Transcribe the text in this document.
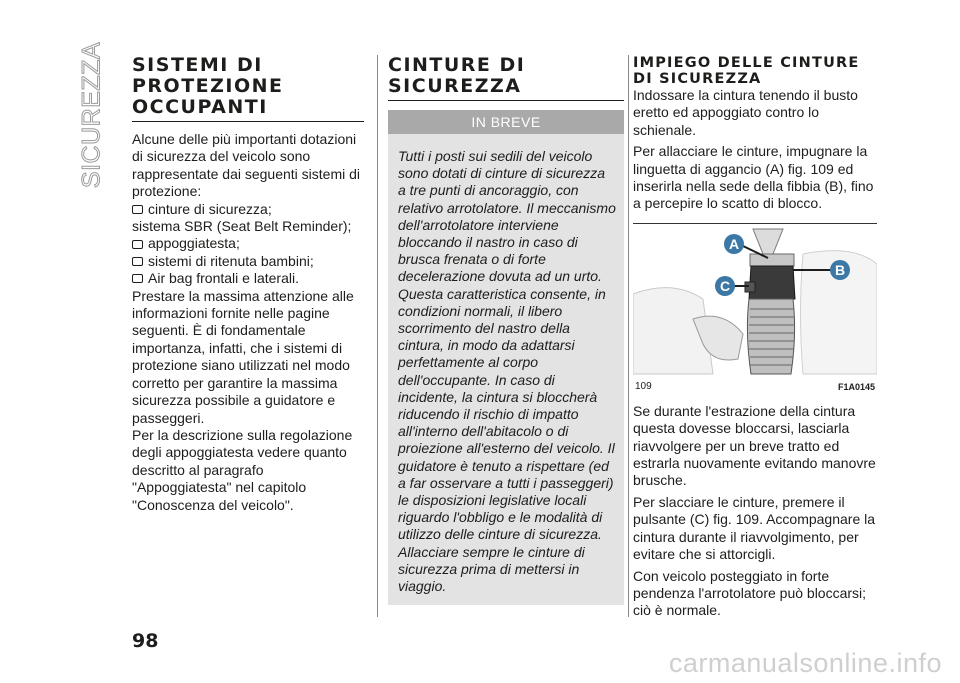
SICUREZZA SISTEMI DI
PROTEZIONE
OCCUPANTI

Alcune delle più importanti dotazioni di sicurezza del veicolo sono rappresentate dai seguenti sistemi di protezione:

cinture di sicurezza;
sistema SBR (Seat Belt Reminder);
appoggiatesta;
sistemi di ritenuta bambini;
Air bag frontali e laterali.

Prestare la massima attenzione alle informazioni fornite nelle pagine seguenti. È di fondamentale importanza, infatti, che i sistemi di protezione siano utilizzati nel modo corretto per garantire la massima sicurezza possibile a guidatore e passeggeri.

Per la descrizione sulla regolazione degli appoggiatesta vedere quanto descritto al paragrafo "Appoggiatesta" nel capitolo "Conoscenza del veicolo".

CINTURE DI
SICUREZZA
IN BREVE

Tutti i posti sui sedili del veicolo sono dotati di cinture di sicurezza a tre punti di ancoraggio, con relativo arrotolatore. Il meccanismo dell'arrotolatore interviene bloccando il nastro in caso di brusca frenata o di forte decelerazione dovuta ad un urto. Questa caratteristica consente, in condizioni normali, il libero scorrimento del nastro della cintura, in modo da adattarsi perfettamente al corpo dell'occupante. In caso di incidente, la cintura si bloccherà riducendo il rischio di impatto all'interno dell'abitacolo o di proiezione all'esterno del veicolo. Il guidatore è tenuto a rispettare (ed a far osservare a tutti i passeggeri) le disposizioni legislative locali riguardo l'obbligo e le modalità di utilizzo delle cinture di sicurezza. Allacciare sempre le cinture di sicurezza prima di mettersi in viaggio.

IMPIEGO DELLE CINTURE
DI SICUREZZA

Indossare la cintura tenendo il busto eretto ed appoggiato contro lo schienale.

Per allacciare le cinture, impugnare la linguetta di aggancio (A) fig. 109 ed inserirla nella sede della fibbia (B), fino a percepire lo scatto di blocco.

A
B
C
109	F1A0145

Se durante l'estrazione della cintura questa dovesse bloccarsi, lasciarla riavvolgere per un breve tratto ed estrarla nuovamente evitando manovre brusche.

Per slacciare le cinture, premere il pulsante (C) fig. 109. Accompagnare la cintura durante il riavvolgimento, per evitare che si attorcigli.

Con veicolo posteggiato in forte pendenza l'arrotolatore può bloccarsi; ciò è normale.

98
carmanualsonline.info
